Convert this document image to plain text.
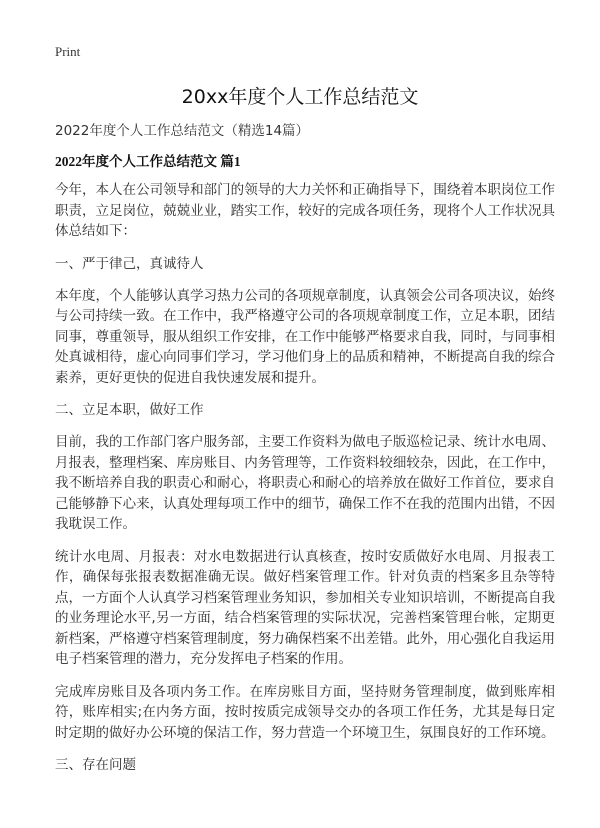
Print
20xx年度个人工作总结范文

2022年度个人工作总结范文（精选14篇）

2022年度个人工作总结范文 篇1

今年，本人在公司领导和部门的领导的大力关怀和正确指导下，围绕着本职岗位工作职责，立足岗位，兢兢业业，踏实工作，较好的完成各项任务，现将个人工作状况具体总结如下：

一、严于律己，真诚待人

本年度，个人能够认真学习热力公司的各项规章制度，认真领会公司各项决议，始终与公司持续一致。在工作中，我严格遵守公司的各项规章制度工作，立足本职，团结同事，尊重领导，服从组织工作安排，在工作中能够严格要求自我，同时，与同事相处真诚相待，虚心向同事们学习，学习他们身上的品质和精神，不断提高自我的综合素养，更好更快的促进自我快速发展和提升。

二、立足本职，做好工作

目前，我的工作部门客户服务部，主要工作资料为做电子版巡检记录、统计水电周、月报表，整理档案、库房账目、内务管理等，工作资料较细较杂，因此，在工作中，我不断培养自我的职责心和耐心，将职责心和耐心的培养放在做好工作首位，要求自己能够静下心来，认真处理每项工作中的细节，确保工作不在我的范围内出错，不因我耽误工作。

统计水电周、月报表：对水电数据进行认真核查，按时安质做好水电周、月报表工作，确保每张报表数据准确无误。做好档案管理工作。针对负责的档案多且杂等特点，一方面个人认真学习档案管理业务知识，参加相关专业知识培训，不断提高自我的业务理论水平,另一方面，结合档案管理的实际状况，完善档案管理台帐，定期更新档案，严格遵守档案管理制度，努力确保档案不出差错。此外，用心强化自我运用电子档案管理的潜力，充分发挥电子档案的作用。

完成库房账目及各项内务工作。在库房账目方面，坚持财务管理制度，做到账库相符，账库相实;在内务方面，按时按质完成领导交办的各项工作任务，尤其是每日定时定期的做好办公环境的保洁工作，努力营造一个环境卫生，氛围良好的工作环境。

三、存在问题
